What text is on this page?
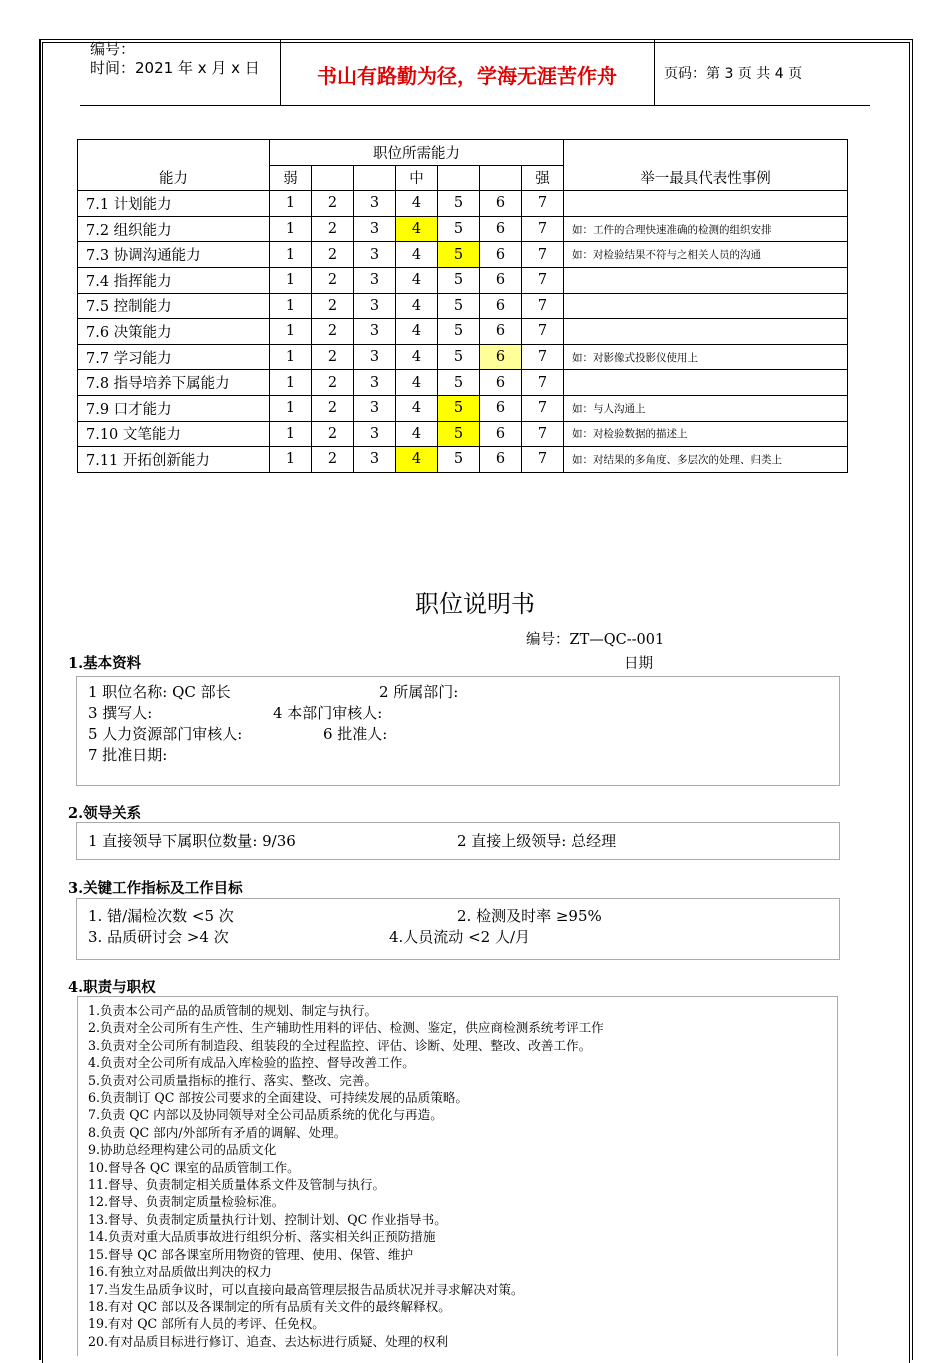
编号：
时间：2021 年 x 月 x 日	书山有路勤为径，学海无涯苦作舟	页码：第 3 页 共 4 页
能力	职位所需能力							举一最具代表性事例
	弱			中			强	
7.1 计划能力	1	2	3	4	5	6	7	
7.2 组织能力	1	2	3	4	5	6	7	如：工件的合理快速准确的检测的组织安排
7.3 协调沟通能力	1	2	3	4	5	6	7	如：对检验结果不符与之相关人员的沟通
7.4 指挥能力	1	2	3	4	5	6	7	
7.5 控制能力	1	2	3	4	5	6	7	
7.6 决策能力	1	2	3	4	5	6	7	
7.7 学习能力	1	2	3	4	5	6	7	如：对影像式投影仪使用上
7.8 指导培养下属能力	1	2	3	4	5	6	7	
7.9 口才能力	1	2	3	4	5	6	7	如：与人沟通上
7.10 文笔能力	1	2	3	4	5	6	7	如：对检验数据的描述上
7.11 开拓创新能力	1	2	3	4	5	6	7	如：对结果的多角度、多层次的处理、归类上
职位说明书
编号：ZT—QC--001
日期
1.基本资料
1 职位名称: QC 部长	2 所属部门:
3 撰写人:	4 本部门审核人:
5 人力资源部门审核人:	6 批准人:
7 批准日期:
2.领导关系
1 直接领导下属职位数量: 9/36	2 直接上级领导: 总经理
3.关键工作指标及工作目标
1. 错/漏检次数 <5 次	2. 检测及时率 ≥95%
3. 品质研讨会 >4 次	4.人员流动 <2 人/月
4.职责与职权
1.负责本公司产品的品质管制的规划、制定与执行。
2.负责对全公司所有生产性、生产辅助性用料的评估、检测、鉴定，供应商检测系统考评工作
3.负责对全公司所有制造段、组装段的全过程监控、评估、诊断、处理、整改、改善工作。
4.负责对全公司所有成品入库检验的监控、督导改善工作。
5.负责对公司质量指标的推行、落实、整改、完善。
6.负责制订 QC 部按公司要求的全面建设、可持续发展的品质策略。
7.负责 QC 内部以及协同领导对全公司品质系统的优化与再造。
8.负责 QC 部内/外部所有矛盾的调解、处理。
9.协助总经理构建公司的品质文化
10.督导各 QC 课室的品质管制工作。
11.督导、负责制定相关质量体系文件及管制与执行。
12.督导、负责制定质量检验标准。
13.督导、负责制定质量执行计划、控制计划、QC 作业指导书。
14.负责对重大品质事故进行组织分析、落实相关纠正预防措施
15.督导 QC 部各课室所用物资的管理、使用、保管、维护
16.有独立对品质做出判决的权力
17.当发生品质争议时，可以直接向最高管理层报告品质状况并寻求解决对策。
18.有对 QC 部以及各课制定的所有品质有关文件的最终解释权。
19.有对 QC 部所有人员的考评、任免权。
20.有对品质目标进行修订、追查、去达标进行质疑、处理的权利
